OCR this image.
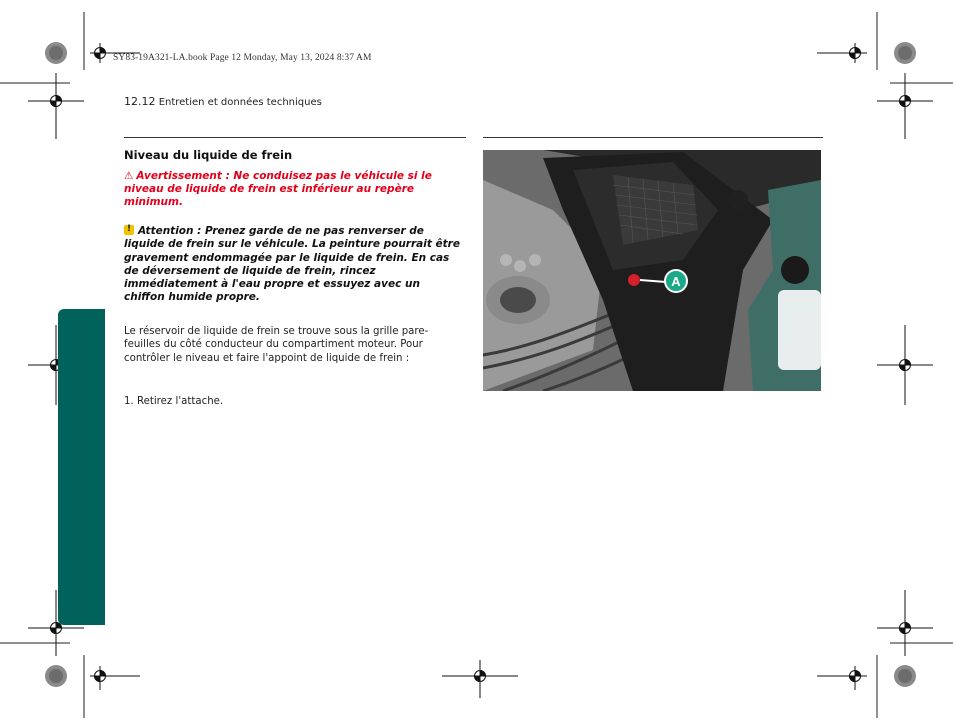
SY83-19A321-LA.book Page 12 Monday, May 13, 2024 8:37 AM
12.12 Entretien et données techniques
Niveau du liquide de frein
⚠ Avertissement : Ne conduisez pas le véhicule si le niveau de liquide de frein est inférieur au repère minimum.
!Attention : Prenez garde de ne pas renverser de liquide de frein sur le véhicule. La peinture pourrait être gravement endommagée par le liquide de frein. En cas de déversement de liquide de frein, rincez immédiatement à l'eau propre et essuyez avec un chiffon humide propre.
Le réservoir de liquide de frein se trouve sous la grille pare-feuilles du côté conducteur du compartiment moteur. Pour contrôler le niveau et faire l'appoint de liquide de frein :
1. Retirez l'attache.
A
